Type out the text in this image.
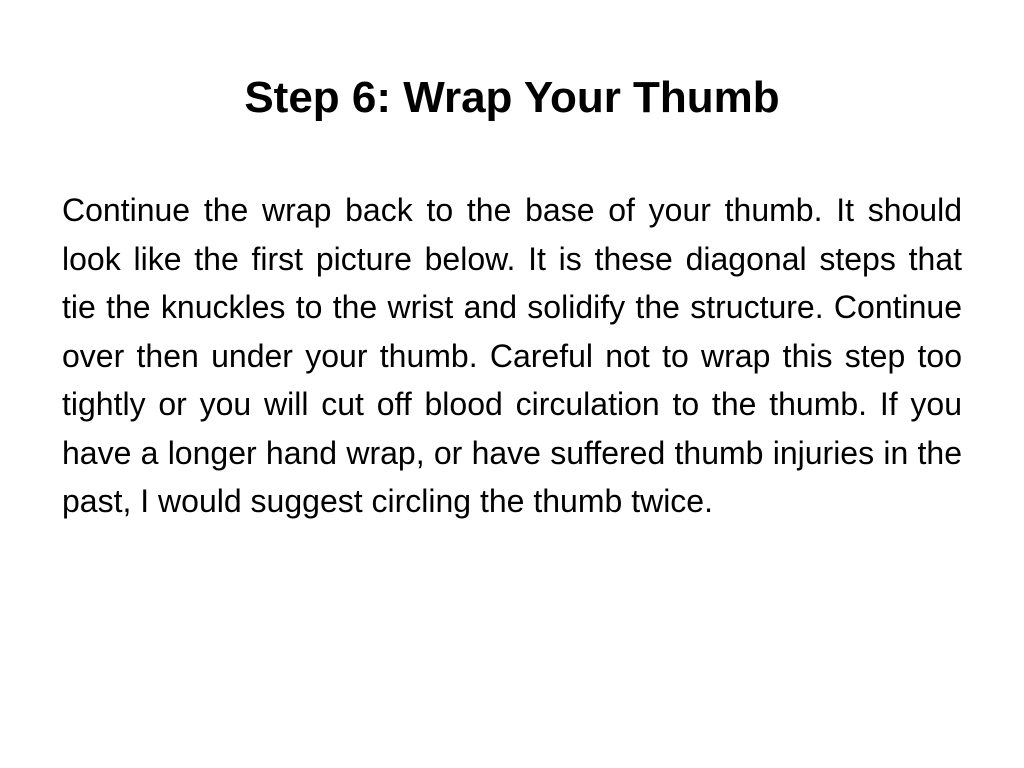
Step 6: Wrap Your Thumb

Continue the wrap back to the base of your thumb. It should look like the first picture below. It is these diagonal steps that tie the knuckles to the wrist and solidify the structure. Continue over then under your thumb. Careful not to wrap this step too tightly or you will cut off blood circulation to the thumb. If you have a longer hand wrap, or have suffered thumb injuries in the past, I would suggest circling the thumb twice.
